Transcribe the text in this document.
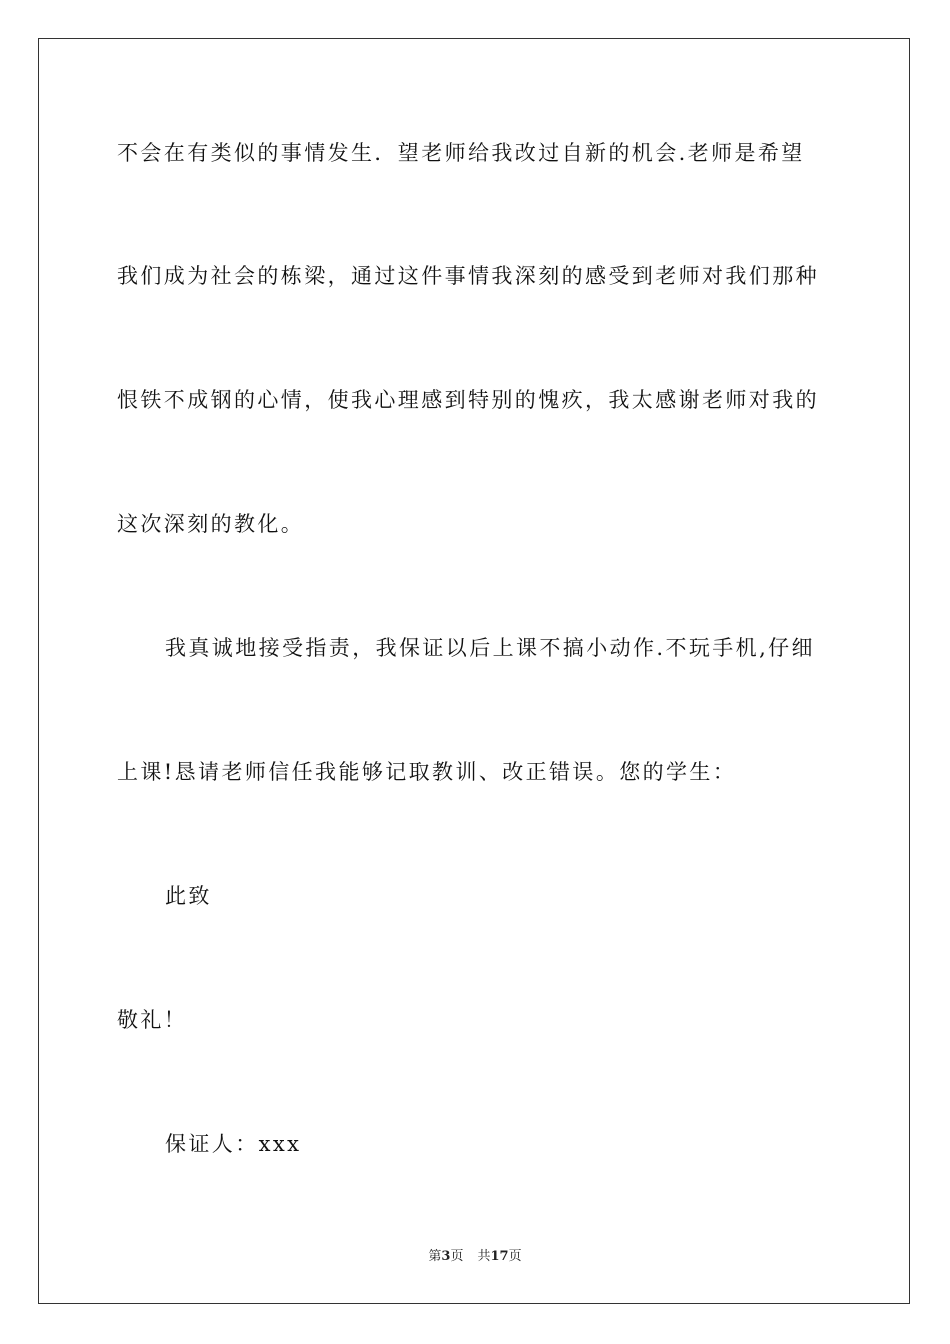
不会在有类似的事情发生．望老师给我改过自新的机会.老师是希望
我们成为社会的栋梁，通过这件事情我深刻的感受到老师对我们那种
恨铁不成钢的心情，使我心理感到特别的愧疚，我太感谢老师对我的
这次深刻的教化。
我真诚地接受指责，我保证以后上课不搞小动作.不玩手机,仔细
上课!恳请老师信任我能够记取教训、改正错误。您的学生：
此致
敬礼！
保证人：xxx
第3页 共17页
